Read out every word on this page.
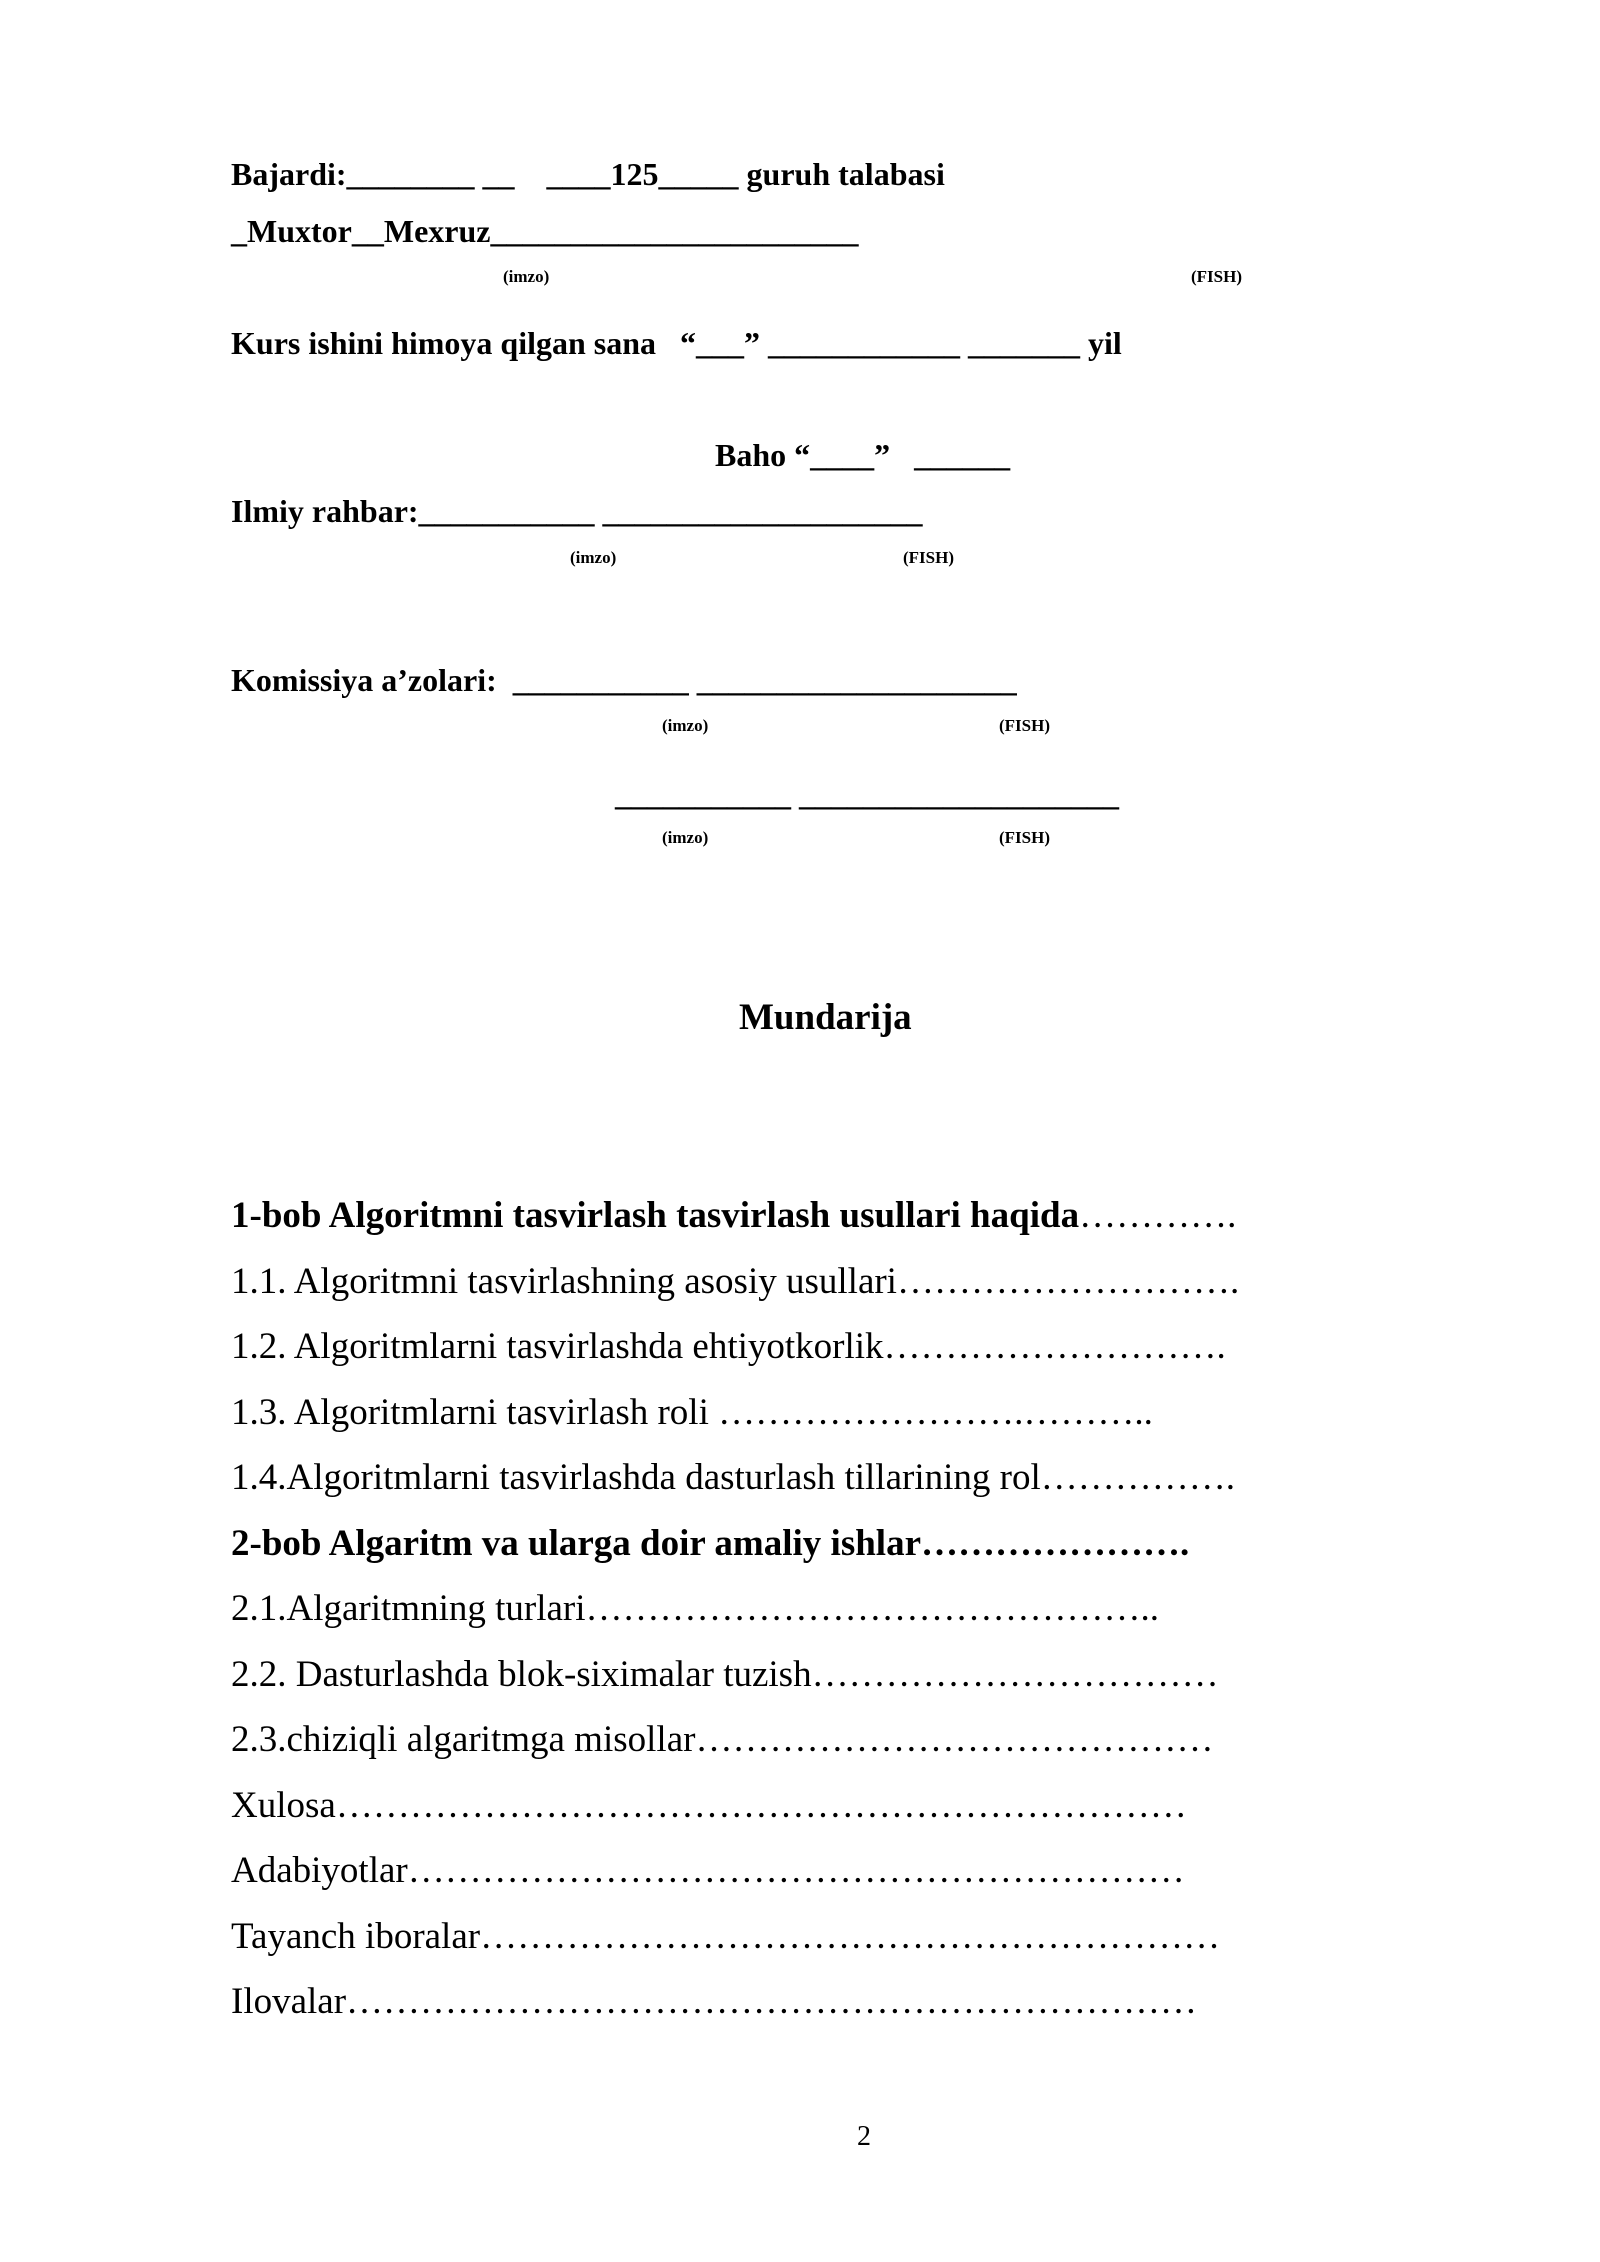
Bajardi:________ __    ____125_____ guruh talabasi
_Muxtor__Mexruz_______________________
(imzo)	(FISH)
Kurs ishini himoya qilgan sana   “___” ____________ _______ yil
Baho “____”   ______
Ilmiy rahbar:___________ ____________________
(imzo)	(FISH)
Komissiya a’zolari:  ___________ ____________________
(imzo)	(FISH)
___________ ____________________
(imzo)	(FISH)
Mundarija
1-bob Algoritmni tasvirlash tasvirlash usullari haqida………….
1.1. Algoritmni tasvirlashning asosiy usullari……………………….
1.2. Algoritmlarni tasvirlashda ehtiyotkorlik……………………….
1.3. Algoritmlarni tasvirlash roli …………………….………..
1.4.Algoritmlarni tasvirlashda dasturlash tillarining rol…………….
2-bob Algaritm va ularga doir amaliy ishlar………………….
2.1.Algaritmning turlari………………………………………..
2.2. Dasturlashda blok-siximalar tuzish……………………………
2.3.chiziqli algaritmga misollar……………………………………
Xulosa……………………………………………………………
Adabiyotlar………………………………………………………
Tayanch iboralar……………………………………………………
Ilovalar……………………………………………………………
2
